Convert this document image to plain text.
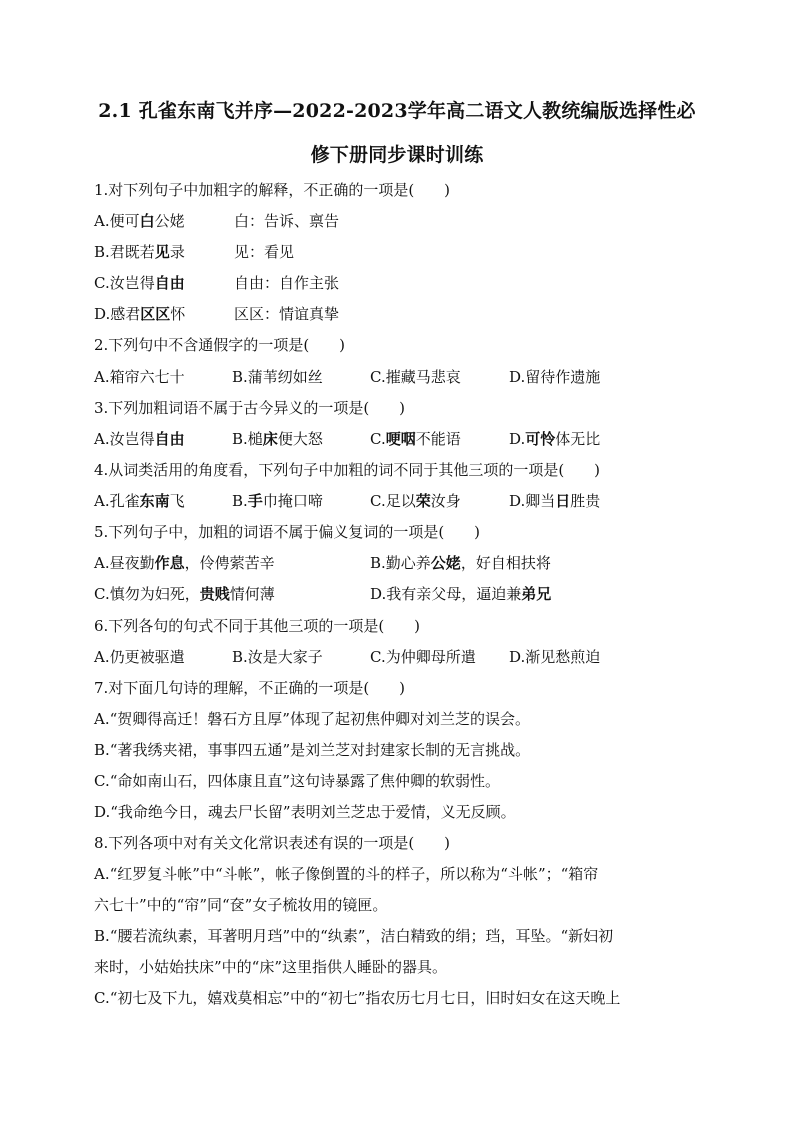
2.1 孔雀东南飞并序—2022-2023学年高二语文人教统编版选择性必
修下册同步课时训练
1.对下列句子中加粗字的解释，不正确的一项是(　　)
A.便可白公姥	白：告诉、禀告
B.君既若见录	见：看见
C.汝岂得自由	自由：自作主张
D.感君区区怀	区区：情谊真挚
2.下列句中不含通假字的一项是(　　)
A.箱帘六七十	B.蒲苇纫如丝	C.摧藏马悲哀	D.留待作遗施
3.下列加粗词语不属于古今异义的一项是(　　)
A.汝岂得自由	B.槌床便大怒	C.哽咽不能语	D.可怜体无比
4.从词类活用的角度看，下列句子中加粗的词不同于其他三项的一项是(　　)
A.孔雀东南飞	B.手巾掩口啼	C.足以荣汝身	D.卿当日胜贵
5.下列句子中，加粗的词语不属于偏义复词的一项是(　　)
A.昼夜勤作息，伶俜萦苦辛	B.勤心养公姥，好自相扶将
C.慎勿为妇死，贵贱情何薄	D.我有亲父母，逼迫兼弟兄
6.下列各句的句式不同于其他三项的一项是(　　)
A.仍更被驱遣	B.汝是大家子	C.为仲卿母所遣 D.渐见愁煎迫
7.对下面几句诗的理解，不正确的一项是(　　)
A.“贺卿得高迁！磐石方且厚”体现了起初焦仲卿对刘兰芝的误会。
B.“著我绣夹裙，事事四五通”是刘兰芝对封建家长制的无言挑战。
C.“命如南山石，四体康且直”这句诗暴露了焦仲卿的软弱性。
D.“我命绝今日，魂去尸长留”表明刘兰芝忠于爱情，义无反顾。
8.下列各项中对有关文化常识表述有误的一项是(　　)
A.“红罗复斗帐”中“斗帐”，帐子像倒置的斗的样子，所以称为“斗帐”；“箱帘
六七十”中的“帘”同“奁”女子梳妆用的镜匣。
B.“腰若流纨素，耳著明月珰”中的“纨素”，洁白精致的绢；珰，耳坠。“新妇初
来时，小姑始扶床”中的“床”这里指供人睡卧的器具。
C.“初七及下九，嬉戏莫相忘”中的“初七”指农历七月七日，旧时妇女在这天晚上
